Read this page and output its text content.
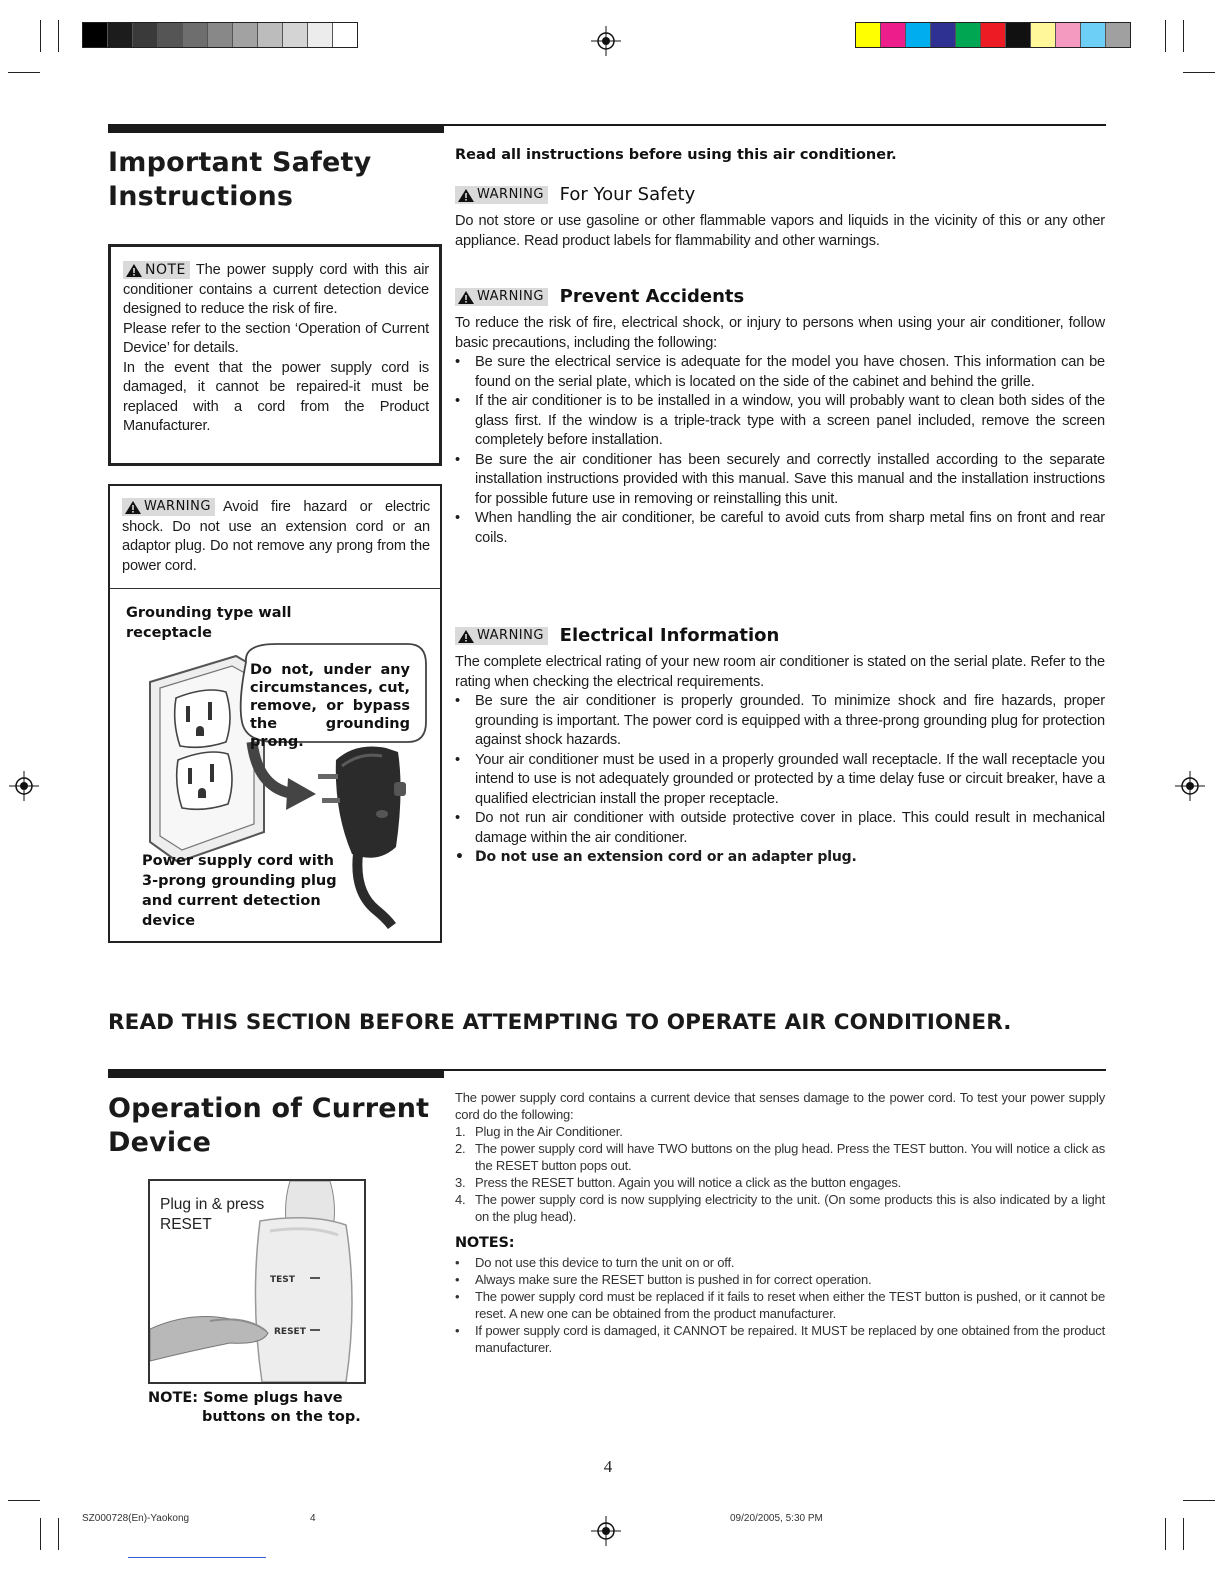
Important Safety
Instructions
NOTE The power supply cord with this air conditioner contains a current detection device designed to reduce the risk of fire.
Please refer to the section ‘Operation of Current Device’ for details.
In the event that the power supply cord is damaged, it cannot be repaired-it must be replaced with a cord from the Product Manufacturer.
WARNING Avoid fire hazard or electric shock. Do not use an extension cord or an adaptor plug. Do not remove any prong from the power cord.
Grounding type wall receptacle
Do not, under any circumstances, cut, remove, or bypass the grounding prong.
Power supply cord with 3-prong grounding plug and current detection device
Read all instructions before using this air conditioner.
WARNING For Your Safety
Do not store or use gasoline or other flammable vapors and liquids in the vicinity of this or any other appliance. Read product labels for flammability and other warnings.
WARNING Prevent Accidents
To reduce the risk of fire, electrical shock, or injury to persons when using your air conditioner, follow basic precautions, including the following:
• Be sure the electrical service is adequate for the model you have chosen. This information can be found on the serial plate, which is located on the side of the cabinet and behind the grille.
• If the air conditioner is to be installed in a window, you will probably want to clean both sides of the glass first. If the window is a triple-track type with a screen panel included, remove the screen completely before installation.
• Be sure the air conditioner has been securely and correctly installed according to the separate installation instructions provided with this manual. Save this manual and the installation instructions for possible future use in removing or reinstalling this unit.
• When handling the air conditioner, be careful to avoid cuts from sharp metal fins on front and rear coils.
WARNING Electrical Information
The complete electrical rating of your new room air conditioner is stated on the serial plate. Refer to the rating when checking the electrical requirements.
• Be sure the air conditioner is properly grounded. To minimize shock and fire hazards, proper grounding is important. The power cord is equipped with a three-prong grounding plug for protection against shock hazards.
• Your air conditioner must be used in a properly grounded wall receptacle. If the wall receptacle you intend to use is not adequately grounded or protected by a time delay fuse or circuit breaker, have a qualified electrician install the proper receptacle.
• Do not run air conditioner with outside protective cover in place. This could result in mechanical damage within the air conditioner.
• Do not use an extension cord or an adapter plug.
READ THIS SECTION BEFORE ATTEMPTING TO OPERATE AIR CONDITIONER.
Operation of Current
Device
Plug in & press RESET
TEST
RESET
NOTE: Some plugs have
buttons on the top.
The power supply cord contains a current device that senses damage to the power cord. To test your power supply cord do the following:
1. Plug in the Air Conditioner.
2. The power supply cord will have TWO buttons on the plug head. Press the TEST button. You will notice a click as the RESET button pops out.
3. Press the RESET button. Again you will notice a click as the button engages.
4. The power supply cord is now supplying electricity to the unit. (On some products this is also indicated by a light on the plug head).
NOTES:
• Do not use this device to turn the unit on or off.
• Always make sure the RESET button is pushed in for correct operation.
• The power supply cord must be replaced if it fails to reset when either the TEST button is pushed, or it cannot be reset. A new one can be obtained from the product manufacturer.
• If power supply cord is damaged, it CANNOT be repaired. It MUST be replaced by one obtained from the product manufacturer.
4
SZ000728(En)-Yaokong	4	09/20/2005, 5:30 PM
